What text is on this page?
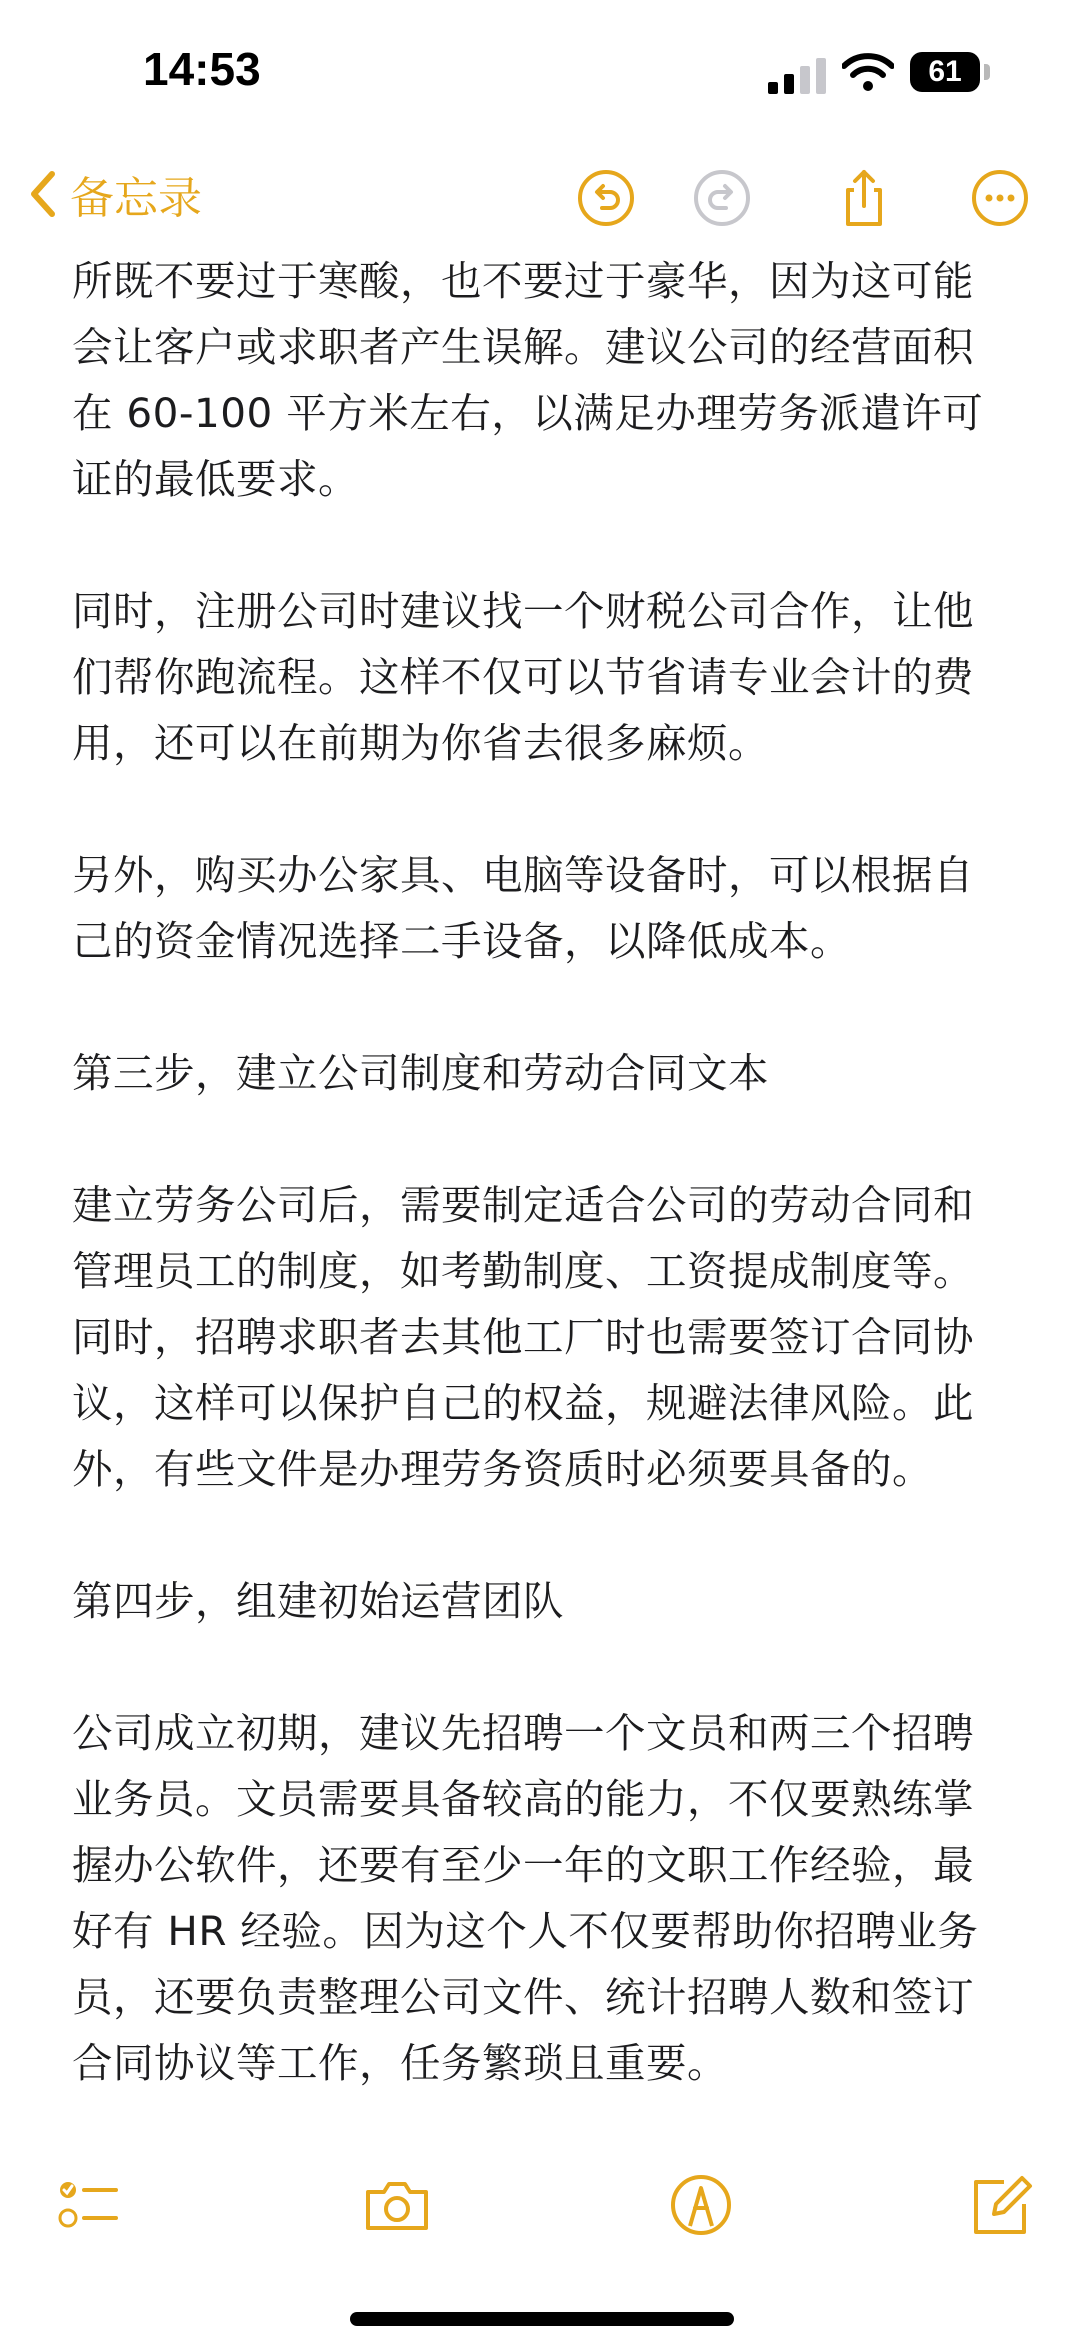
14:53	61
备忘录

所既不要过于寒酸，也不要过于豪华，因为这可能会让客户或求职者产生误解。建议公司的经营面积在 60-100 平方米左右，以满足办理劳务派遣许可证的最低要求。

同时，注册公司时建议找一个财税公司合作，让他们帮你跑流程。这样不仅可以节省请专业会计的费用，还可以在前期为你省去很多麻烦。

另外，购买办公家具、电脑等设备时，可以根据自己的资金情况选择二手设备，以降低成本。

第三步，建立公司制度和劳动合同文本

建立劳务公司后，需要制定适合公司的劳动合同和管理员工的制度，如考勤制度、工资提成制度等。同时，招聘求职者去其他工厂时也需要签订合同协议，这样可以保护自己的权益，规避法律风险。此外，有些文件是办理劳务资质时必须要具备的。

第四步，组建初始运营团队

公司成立初期，建议先招聘一个文员和两三个招聘业务员。文员需要具备较高的能力，不仅要熟练掌握办公软件，还要有至少一年的文职工作经验，最好有 HR 经验。因为这个人不仅要帮助你招聘业务员，还要负责整理公司文件、统计招聘人数和签订合同协议等工作，任务繁琐且重要。
